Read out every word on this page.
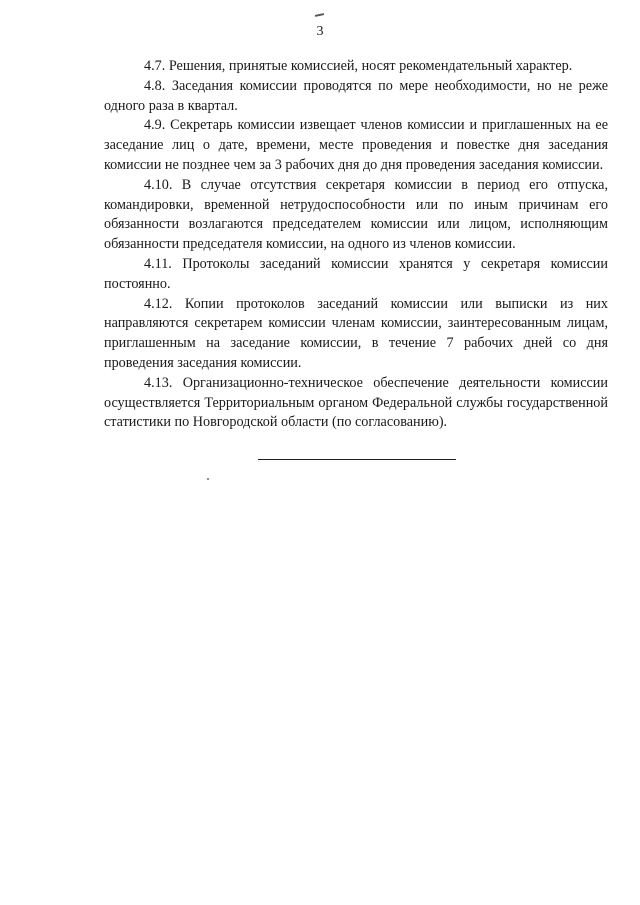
3

4.7. Решения, принятые комиссией, носят рекомендательный характер.

4.8. Заседания комиссии проводятся по мере необходимости, но не реже одного раза в квартал.

4.9. Секретарь комиссии извещает членов комиссии и приглашенных на ее заседание лиц о дате, времени, месте проведения и повестке дня заседания комиссии не позднее чем за 3 рабочих дня до дня проведения заседания комиссии.

4.10. В случае отсутствия секретаря комиссии в период его отпуска, командировки, временной нетрудоспособности или по иным причинам его обязанности возлагаются председателем комиссии или лицом, исполняющим обязанности председателя комиссии, на одного из членов комиссии.

4.11. Протоколы заседаний комиссии хранятся у секретаря комиссии постоянно.

4.12. Копии протоколов заседаний комиссии или выписки из них направляются секретарем комиссии членам комиссии, заинтересованным лицам, приглашенным на заседание комиссии, в течение 7 рабочих дней со дня проведения заседания комиссии.

4.13. Организационно-техническое обеспечение деятельности комиссии осуществляется Территориальным органом Федеральной службы государственной статистики по Новгородской области (по согласованию).
